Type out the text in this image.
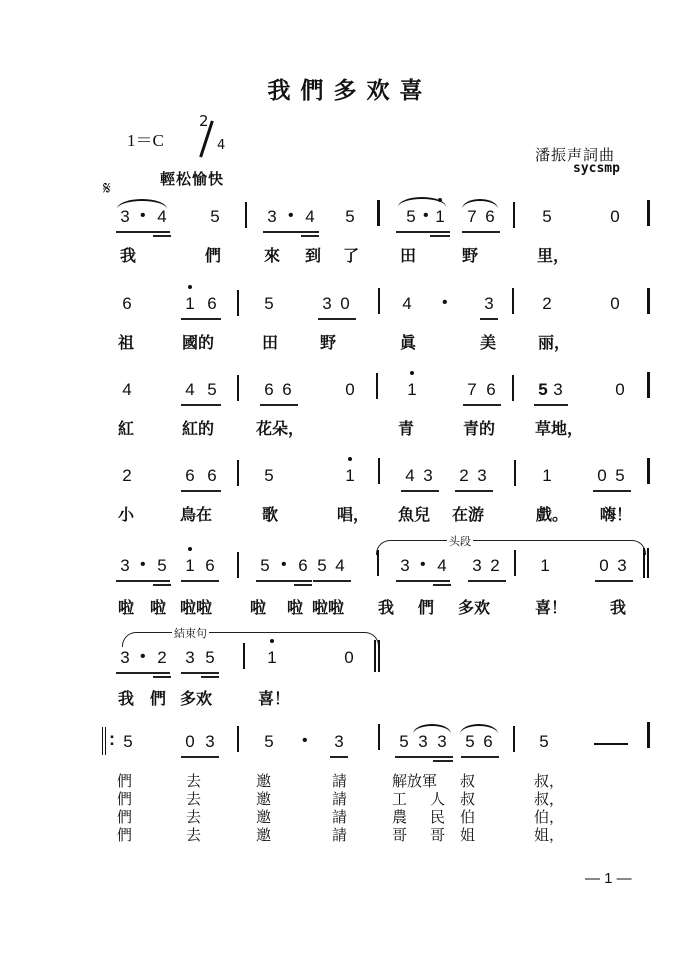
我們多欢喜
1＝C
2
4
潘振声詞曲
sycsmp
輕松愉快
𝄋
3 • 4	5	3 • 4 5	5 • 1 7 6	5	0
我	們	來 到 了	田	野	里，
6	1 6	5	3 0	4 • 3	2	0
祖	國的	田	野	眞	美	丽，
4	4 5	6 6	0	1	7 6	5 3	0
紅	紅的	花朵，	青	青的 草地，
2	6 6	5	1	4 3 2 3	1	0 5
小	鳥在	歌	唱， 魚兒 在游	戲。 嗨！
头段
3 • 5 1 6	5 • 6 5 4	3 • 4 3 2 1	0 3
啦 啦 啦啦 啦 啦 啦啦 我 們 多欢	喜！	我
結束句
3 • 2 3 5	1	0
我 們 多欢	喜！
: 5	0 3	5 • 3	5 3 3 5 6	5
們	去	邀	請	解放軍 叔	叔，
們	去	邀	請	工 人 叔	叔，
們	去	邀	請	農 民 伯	伯，
們	去	邀	請	哥 哥 姐	姐，
— 1 —
